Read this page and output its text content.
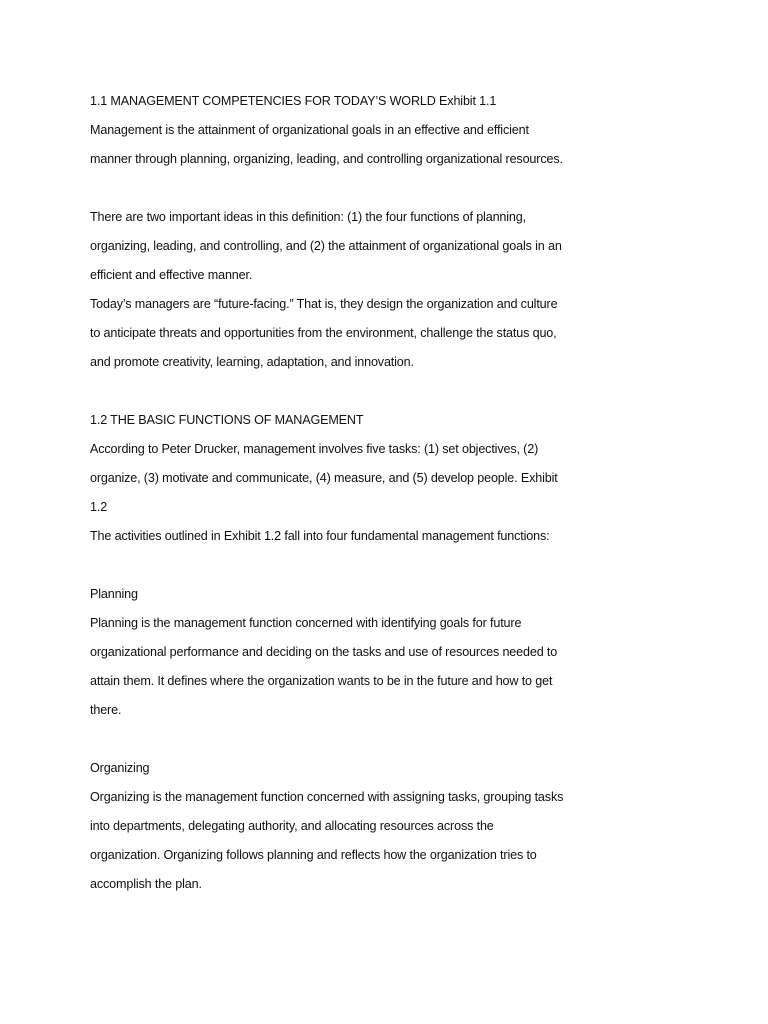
1.1 MANAGEMENT COMPETENCIES FOR TODAY’S WORLD Exhibit 1.1
Management is the attainment of organizational goals in an effective and efficient
manner through planning, organizing, leading, and controlling organizational resources.
There are two important ideas in this definition: (1) the four functions of planning,
organizing, leading, and controlling, and (2) the attainment of organizational goals in an
efficient and effective manner.
Today’s managers are “future-facing.” That is, they design the organization and culture
to anticipate threats and opportunities from the environment, challenge the status quo,
and promote creativity, learning, adaptation, and innovation.
1.2 THE BASIC FUNCTIONS OF MANAGEMENT
According to Peter Drucker, management involves five tasks: (1) set objectives, (2)
organize, (3) motivate and communicate, (4) measure, and (5) develop people. Exhibit
1.2
The activities outlined in Exhibit 1.2 fall into four fundamental management functions:
Planning
Planning is the management function concerned with identifying goals for future
organizational performance and deciding on the tasks and use of resources needed to
attain them. It defines where the organization wants to be in the future and how to get
there.
Organizing
Organizing is the management function concerned with assigning tasks, grouping tasks
into departments, delegating authority, and allocating resources across the
organization. Organizing follows planning and reflects how the organization tries to
accomplish the plan.
